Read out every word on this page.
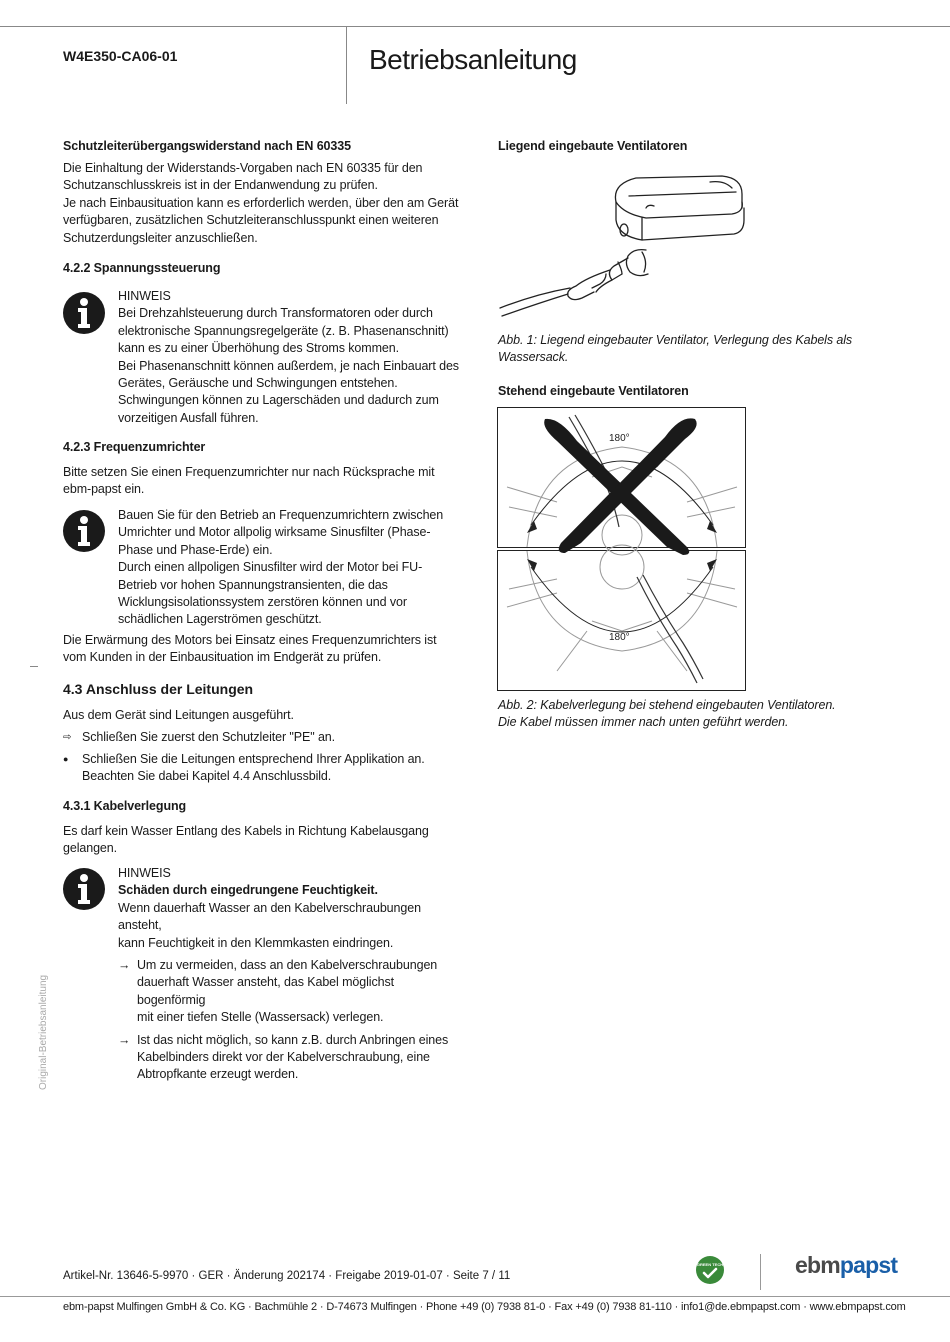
W4E350-CA06-01	Betriebsanleitung
Schutzleiterübergangswiderstand nach EN 60335

Die Einhaltung der Widerstands-Vorgaben nach EN 60335 für den

Schutzanschlusskreis ist in der Endanwendung zu prüfen.

Je nach Einbausituation kann es erforderlich werden, über den am Gerät

verfügbaren, zusätzlichen Schutzleiteranschlusspunkt einen weiteren

Schutzerdungsleiter anzuschließen.

4.2.2 Spannungssteuerung

HINWEIS

Bei Drehzahlsteuerung durch Transformatoren oder durch

elektronische Spannungsregelgeräte (z. B. Phasenanschnitt)

kann es zu einer Überhöhung des Stroms kommen.

Bei Phasenanschnitt können außerdem, je nach Einbauart des

Gerätes, Geräusche und Schwingungen entstehen.

Schwingungen können zu Lagerschäden und dadurch zum

vorzeitigen Ausfall führen.

4.2.3 Frequenzumrichter

Bitte setzen Sie einen Frequenzumrichter nur nach Rücksprache mit

ebm-papst ein.

Bauen Sie für den Betrieb an Frequenzumrichtern zwischen

Umrichter und Motor allpolig wirksame Sinusfilter (Phase-

Phase und Phase-Erde) ein.

Durch einen allpoligen Sinusfilter wird der Motor bei FU-

Betrieb vor hohen Spannungstransienten, die das

Wicklungsisolationssystem zerstören können und vor

schädlichen Lagerströmen geschützt.

Die Erwärmung des Motors bei Einsatz eines Frequenzumrichters ist

vom Kunden in der Einbausituation im Endgerät zu prüfen.

4.3 Anschluss der Leitungen
Aus dem Gerät sind Leitungen ausgeführt.
⇨ Schließen Sie zuerst den Schutzleiter "PE" an.
●	Schließen Sie die Leitungen entsprechend Ihrer Applikation an.

Beachten Sie dabei Kapitel 4.4 Anschlussbild.

4.3.1 Kabelverlegung

Es darf kein Wasser Entlang des Kabels in Richtung Kabelausgang

gelangen.

HINWEIS

Schäden durch eingedrungene Feuchtigkeit.

Wenn dauerhaft Wasser an den Kabelverschraubungen ansteht,

kann Feuchtigkeit in den Klemmkasten eindringen.

→ Um zu vermeiden, dass an den Kabelverschraubungen

dauerhaft Wasser ansteht, das Kabel möglichst bogenförmig

mit einer tiefen Stelle (Wassersack) verlegen.

→ Ist das nicht möglich, so kann z.B. durch Anbringen eines

Kabelbinders direkt vor der Kabelverschraubung, eine

Abtropfkante erzeugt werden.

Original-Betriebsanleitung
Liegend eingebaute Ventilatoren

Abb. 1: Liegend eingebauter Ventilator, Verlegung des Kabels als

Wassersack.

Stehend eingebaute Ventilatoren
180°
180°

Abb. 2: Kabelverlegung bei stehend eingebauten Ventilatoren.

Die Kabel müssen immer nach unten geführt werden.

Artikel-Nr. 13646-5-9970 · GER · Änderung 202174 · Freigabe 2019-01-07 · Seite 7 / 11
GREEN TECH	ebmpapst
ebm-papst Mulfingen GmbH & Co. KG · Bachmühle 2 · D-74673 Mulfingen · Phone +49 (0) 7938 81-0 · Fax +49 (0) 7938 81-110 · info1@de.ebmpapst.com · www.ebmpapst.com
